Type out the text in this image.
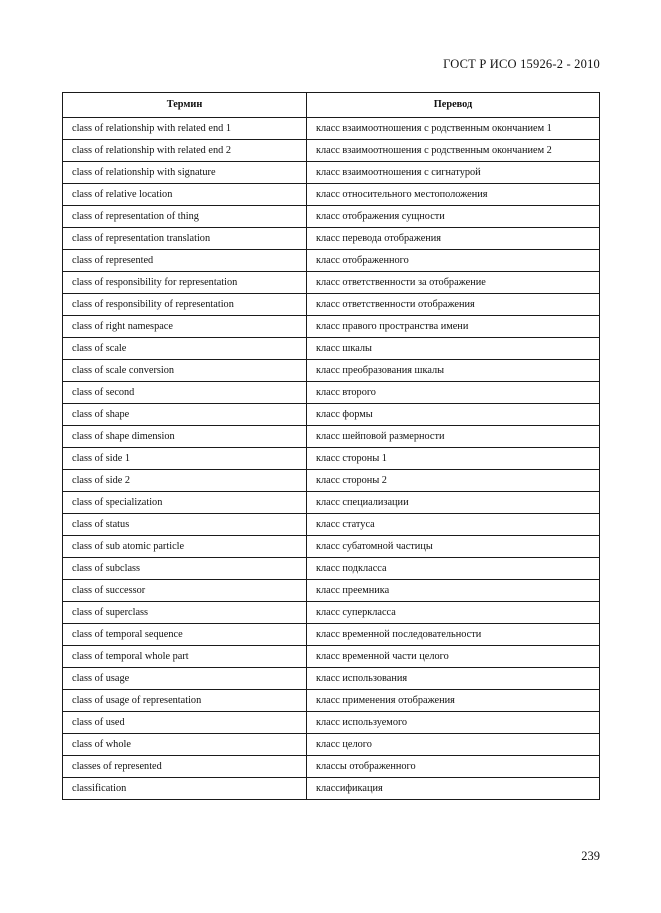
ГОСТ Р ИСО 15926-2 - 2010
Термин	Перевод
class of relationship with related end 1	класс взаимоотношения с родственным окончанием 1
class of relationship with related end 2	класс взаимоотношения с родственным окончанием 2
class of relationship with signature	класс взаимоотношения с сигнатурой
class of relative location	класс относительного местоположения
class of representation of thing	класс отображения сущности
class of representation translation	класс перевода отображения
class of represented	класс отображенного
class of responsibility for representation	класс ответственности за отображение
class of responsibility of representation	класс ответственности отображения
class of right namespace	класс правого пространства имени
class of scale	класс шкалы
class of scale conversion	класс преобразования шкалы
class of second	класс второго
class of shape	класс формы
class of shape dimension	класс шейповой размерности
class of side 1	класс стороны 1
class of side 2	класс стороны 2
class of specialization	класс специализации
class of status	класс статуса
class of sub atomic particle	класс субатомной частицы
class of subclass	класс подкласса
class of successor	класс преемника
class of superclass	класс суперкласса
class of temporal sequence	класс временной последовательности
class of temporal whole part	класс временной части целого
class of usage	класс использования
class of usage of representation	класс применения отображения
class of used	класс используемого
class of whole	класс целого
classes of represented	классы отображенного
classification	классификация
239
